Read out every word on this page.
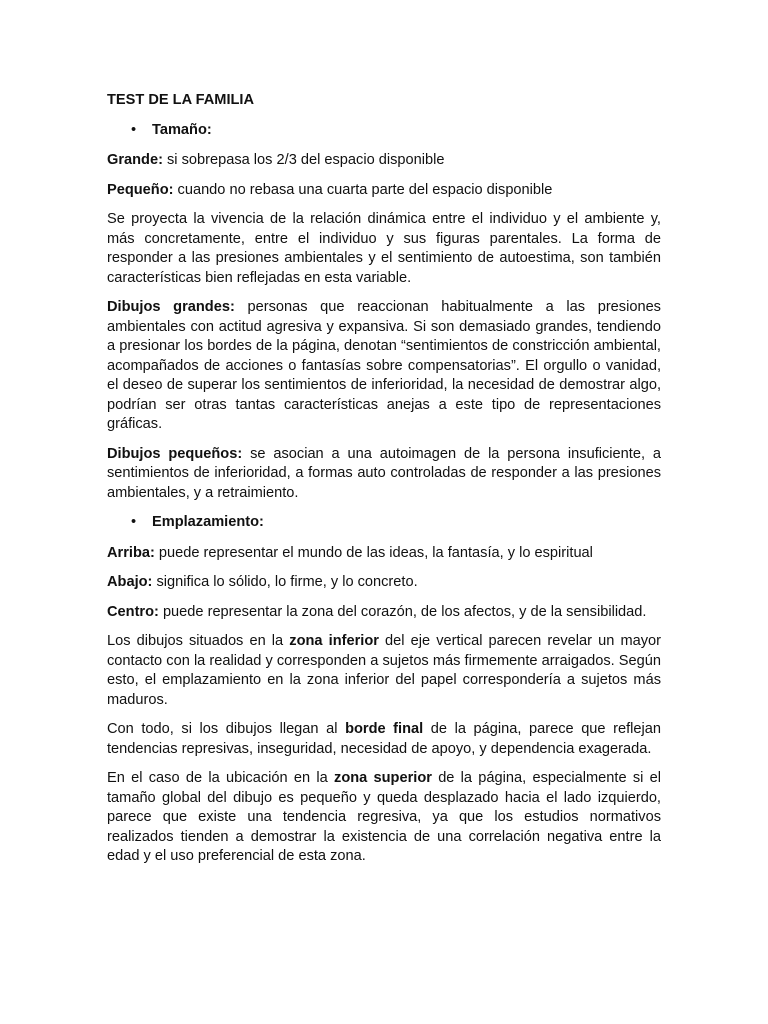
TEST DE LA FAMILIA
•	Tamaño:

Grande: si sobrepasa los 2/3 del espacio disponible

Pequeño: cuando no rebasa una cuarta parte del espacio disponible

Se proyecta la vivencia de la relación dinámica entre el individuo y el ambiente y, más concretamente, entre el individuo y sus figuras parentales. La forma de responder a las presiones ambientales y el sentimiento de autoestima, son también características bien reflejadas en esta variable.

Dibujos grandes: personas que reaccionan habitualmente a las presiones ambientales con actitud agresiva y expansiva. Si son demasiado grandes, tendiendo a presionar los bordes de la página, denotan “sentimientos de constricción ambiental, acompañados de acciones o fantasías sobre compensatorias”. El orgullo o vanidad, el deseo de superar los sentimientos de inferioridad, la necesidad de demostrar algo, podrían ser otras tantas características anejas a este tipo de representaciones gráficas.

Dibujos pequeños: se asocian a una autoimagen de la persona insuficiente, a sentimientos de inferioridad, a formas auto controladas de responder a las presiones ambientales, y a retraimiento.

•	Emplazamiento:

Arriba: puede representar el mundo de las ideas, la fantasía, y lo espiritual

Abajo: significa lo sólido, lo firme, y lo concreto.

Centro: puede representar la zona del corazón, de los afectos, y de la sensibilidad.

Los dibujos situados en la zona inferior del eje vertical parecen revelar un mayor contacto con la realidad y corresponden a sujetos más firmemente arraigados. Según esto, el emplazamiento en la zona inferior del papel correspondería a sujetos más maduros.

Con todo, si los dibujos llegan al borde final de la página, parece que reflejan tendencias represivas, inseguridad, necesidad de apoyo, y dependencia exagerada.

En el caso de la ubicación en la zona superior de la página, especialmente si el tamaño global del dibujo es pequeño y queda desplazado hacia el lado izquierdo, parece que existe una tendencia regresiva, ya que los estudios normativos realizados tienden a demostrar la existencia de una correlación negativa entre la edad y el uso preferencial de esta zona.
